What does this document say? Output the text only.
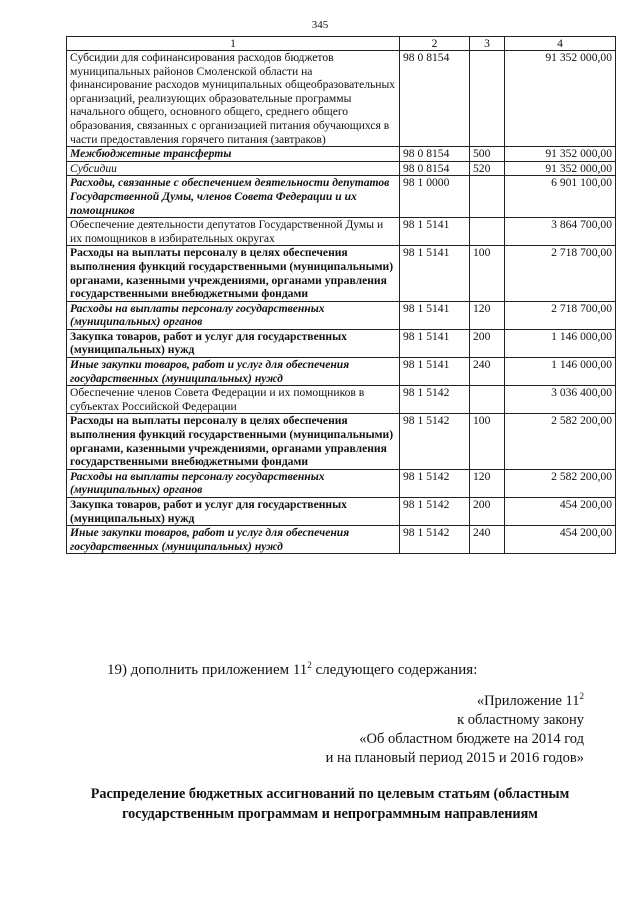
345
1	2	3	4
Субсидии для софинансирования расходов бюджетов муниципальных районов Смоленской области на финансирование расходов муниципальных общеобразовательных организаций, реализующих образовательные программы начального общего, основного общего, среднего общего образования, связанных с организацией питания обучающихся в части предоставления горячего питания (завтраков)	98 0 8154		91 352 000,00
Межбюджетные трансферты	98 0 8154	500	91 352 000,00
Субсидии	98 0 8154	520	91 352 000,00
Расходы, связанные с обеспечением деятельности депутатов Государственной Думы, членов Совета Федерации и их помощников	98 1 0000		6 901 100,00
Обеспечение деятельности депутатов Государственной Думы и их помощников в избирательных округах	98 1 5141		3 864 700,00
Расходы на выплаты персоналу в целях обеспечения выполнения функций государственными (муниципальными) органами, казенными учреждениями, органами управления государственными внебюджетными фондами	98 1 5141	100	2 718 700,00
Расходы на выплаты персоналу государственных (муниципальных) органов	98 1 5141	120	2 718 700,00
Закупка товаров, работ и услуг для государственных (муниципальных) нужд	98 1 5141	200	1 146 000,00
Иные закупки товаров, работ и услуг для обеспечения государственных (муниципальных) нужд	98 1 5141	240	1 146 000,00
Обеспечение членов Совета Федерации и их помощников в субъектах Российской Федерации	98 1 5142		3 036 400,00
Расходы на выплаты персоналу в целях обеспечения выполнения функций государственными (муниципальными) органами, казенными учреждениями, органами управления государственными внебюджетными фондами	98 1 5142	100	2 582 200,00
Расходы на выплаты персоналу государственных (муниципальных) органов	98 1 5142	120	2 582 200,00
Закупка товаров, работ и услуг для государственных (муниципальных) нужд	98 1 5142	200	454 200,00
Иные закупки товаров, работ и услуг для обеспечения государственных (муниципальных) нужд	98 1 5142	240	454 200,00
19) дополнить приложением $11^2$ следующего содержания:
«Приложение $11^2$
к областному закону
«Об областном бюджете на 2014 год
и на плановый период 2015 и 2016 годов»
Распределение бюджетных ассигнований по целевым статьям (областным
государственным программам и непрограммным направлениям
